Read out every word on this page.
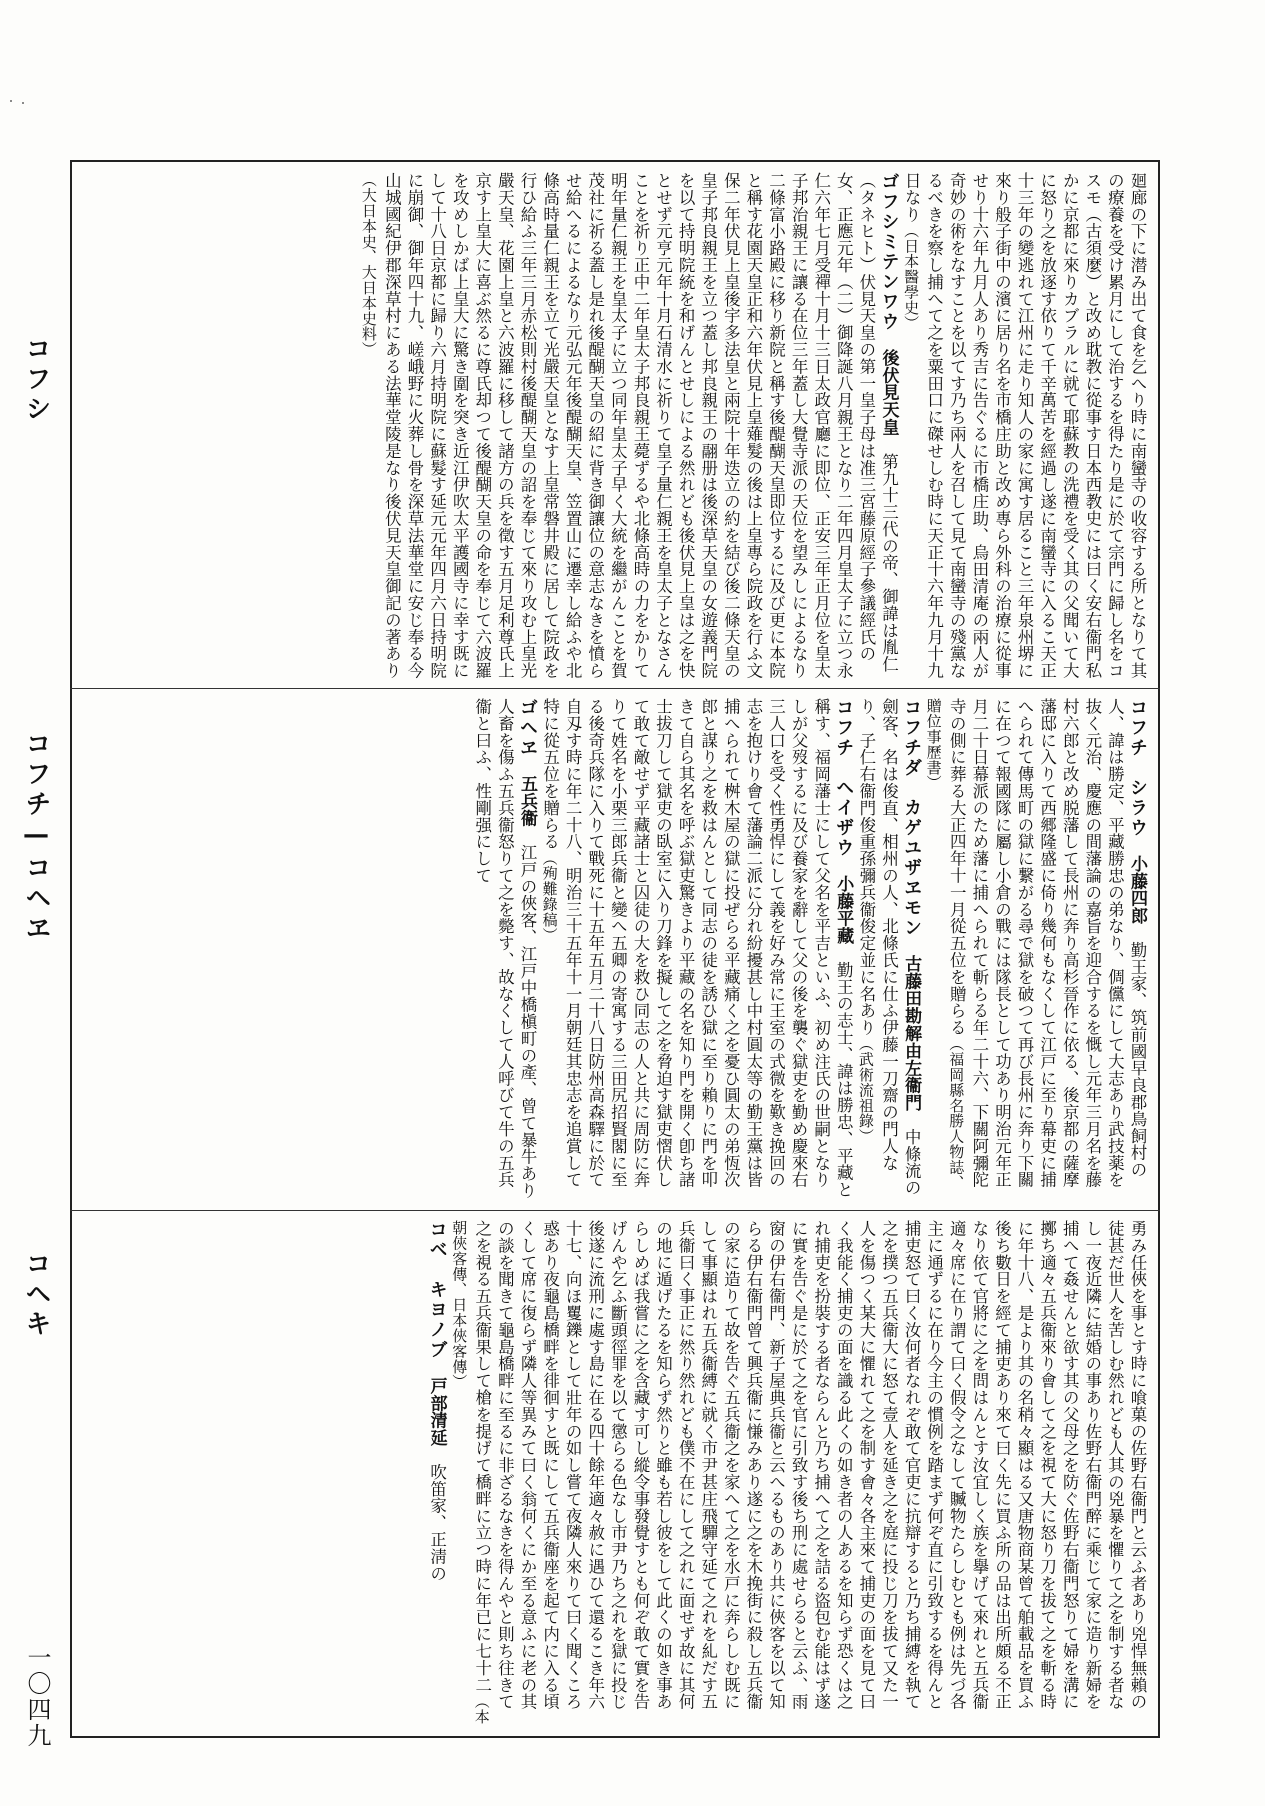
コフシ
コフチ—コヘヱ
コヘキ
一〇四九

廻廊の下に潜み出て食を乞へり時に南蠻寺の收容する所となりて其の療養を受け累月にして治するを得たり是に於て宗門に歸し名をコスモ（古須麼）と改め耽教に從事す日本西教史には曰く安右衞門私かに京都に來りカブラルに就て耶蘇教の洗禮を受く其の父聞いて大に怒り之を放逐す依りて千辛萬苦を經過し遂に南蠻寺に入るこ天正十三年の變逃れて江州に走り知人の家に寓す居ること三年泉州堺に來り般子街中の濱に居り名を市橋庄助と改め專ら外科の治療に從事せり十六年九月人あり秀吉に告ぐるに市橋庄助、烏田清庵の兩人が奇妙の術をなすことを以てす乃ち兩人を召して見て南蠻寺の殘黨なるべきを察し捕へて之を粟田口に磔せしむ時に天正十六年九月十九日なり（日本醫學史）

ゴフシミテンワウ　後伏見天皇　第九十三代の帝、御諱は胤仁（タネヒト）伏見天皇の第一皇子母は准三宮藤原經子參議經氏の女、正應元年（二）御降誕八月親王となり二年四月皇太子に立つ永仁六年七月受禪十月十三日太政官廳に即位、正安三年正月位を皇太子邦治親王に讓る在位三年蓋し大覺寺派の天位を望みしによるなり二條富小路殿に移り新院と稱す後醍醐天皇即位するに及び更に本院と稱す花園天皇正和六年伏見上皇薙髮の後は上皇專ら院政を行ふ文保二年伏見上皇後宇多法皇と兩院十年迭立の約を結び後二條天皇の皇子邦良親王を立つ蓋し邦良親王の翮册は後深草天皇の女遊義門院を以て持明院統を和げんとせしによる然れども後伏見上皇は之を快とせず元亨元年十月石清水に祈りて皇子量仁親王を皇太子となさんことを祈り正中二年皇太子邦良親王薨ずるや北條高時の力をかりて明年量仁親王を皇太子に立つ同年皇太子早く大統を繼がんことを賀茂社に祈る蓋し是れ後醍醐天皇の紹に背き御讓位の意志なきを憤らせ給へるによるなり元弘元年後醍醐天皇、笠置山に遷幸し給ふや北條高時量仁親王を立て光嚴天皇となす上皇常磐井殿に居して院政を行ひ給ふ三年三月赤松則村後醍醐天皇の詔を奉じて來り攻む上皇光嚴天皇、花園上皇と六波羅に移して諸方の兵を徵す五月足利尊氏上京す上皇大に喜ぶ然るに尊氏却つて後醍醐天皇の命を奉じて六波羅を攻めしかば上皇大に驚き圍を突き近江伊吹太平護國寺に幸す既にして十八日京都に歸り六月持明院に蘇髮す延元元年四月六日持明院に崩御、御年四十九、嵯峨野に火葬し骨を深草法華堂に安じ奉る今山城國紀伊郡深草村にある法華堂陵是なり後伏見天皇御記の著あり（大日本史、大日本史料）

コフチ　シラウ　小藤四郎　勤王家、筑前國早良郡鳥飼村の人、諱は勝定、平藏勝忠の弟なり、倜儻にして大志あり武技薬を抜く元治、慶應の間藩論の嘉旨を迎合するを慨し元年三月名を藤村六郎と改め脱藩して長州に奔り高杉晉作に依る、後京都の薩摩藩邸に入りて西郷隆盛に倚り幾何もなくして江戸に至り幕吏に捕へられて傳馬町の獄に繋がる尋で獄を破つて再び長州に奔り下關に在つて報國隊に屬し小倉の戰には隊長として功あり明治元年正月二十日幕派のため藩に捕へられて斬らる年二十六、下關阿彌陀寺の側に葬る大正四年十一月從五位を贈らる（福岡縣名勝人物誌、贈位事歷書）

コフチダ　カゲユザヱモン　古藤田勘解由左衞門　中條流の劍客、名は俊直、相州の人、北條氏に仕ふ伊藤一刀齋の門人なり、子仁右衞門俊重孫彌兵衞俊定並に名あり（武術流祖錄）

コフチ　ヘイザウ　小藤平藏　勤王の志士、諱は勝忠、平藏と稱す、福岡藩士にして父名を平吉といふ、初め注氏の世嗣となりしが父歿するに及び養家を辭して父の後を襲ぐ獄吏を勤め慶來右三人口を受く性勇悍にして義を好み常に王室の式微を歎き挽回の志を抱けり會て藩論二派に分れ紛擾甚し中村圓太等の勤王黨は皆捕へられて桝木屋の獄に投ぜらる平藏痛く之を憂ひ圓太の弟恆次郎と謀り之を救はんとして同志の徒を誘ひ獄に至り賴りに門を叩きて自ら其名を呼ぶ獄吏驚きより平藏の名を知り門を開く卽ち諸士拔刀して獄吏の臥室に入り刀鋒を擬して之を脅迫す獄吏慴伏して敢て敵せず平藏諸士と囚徒の大を救ひ同志の人と共に周防に奔りて姓名を小栗三郎兵衞と變へ五卿の寄寓する三田尻招賢閣に至る後奇兵隊に入りて戰死に十五年五月二十八日防州高森驛に於て自刄す時に年二十八、明治三十五年十一月朝廷其忠志を追賞して特に從五位を贈らる（殉難錄稿）

ゴヘヱ　五兵衞　江戸の俠客、江戸中橋槇町の產、曾て暴牛あり人畜を傷ふ五兵衞怒りて之を斃す、故なくして人呼びて牛の五兵衞と曰ふ、性剛强にして

勇み任俠を事とす時に喰菓の佐野右衞門と云ふ者あり兇悍無賴の徒甚だ世人を苦しむ然れども人其の兇暴を懼りて之を制する者なし一夜近隣に結婚の事あり佐野右衞門醉に乘じて家に造り新婦を捕へて姦せんと欲す其の父母之を防ぐ佐野右衞門怒りて婦を溝に擲ち適々五兵衞來り會して之を視て大に怒り刀を拔て之を斬る時に年十八、是より其の名稍々顯はる又唐物商某曾て舶載品を買ふ後ち數日を經て捕吏あり來て曰く先に買ふ所の品は出所頗る不正なり依て官將に之を問はんとす汝宜しく族を擧げて來れと五兵衞適々席に在り謂て曰く假令之なして贓物たらしむとも例は先づ各主に通ずるに在り今主の慣例を踏まず何ぞ直に引致するを得んと捕吏怒て曰く汝何者なれぞ敢て官吏に抗辯すると乃ち捕縛を執て之を撲つ五兵衞大に怒て壹人を延き之を庭に投じ刀を拔て又た一人を傷つく某大に懼れて之を制す會々各主來て捕吏の面を見て曰く我能く捕吏の面を識る此くの如き者の人あるを知らず恐くは之れ捕吏を扮裝する者ならんと乃ち捕へて之を詰る盜包む能はず遂に實を告ぐ是に於て之を官に引致す後ち刑に處せらると云ふ、雨窗の伊右衞門、新子屋典兵衞と云へるものあり共に俠客を以て知らる伊右衞門曾て興兵衞に慊みあり遂に之を木挽街に殺し五兵衞の家に造りて故を告ぐ五兵衞之を家へて之を水戸に奔らしむ既にして事顯はれ五兵衞縛に就く市尹甚庄飛驒守延て之れを糺だす五兵衞曰く事正に然り然れども僕不在にして之れに面せず故に其何の地に遁げたるを知らず然りと雖も若し彼をして此くの如き事あらしめば我嘗に之を含藏す可し縱令事發覺すとも何ぞ敢て實を告げんや乞ふ斷頭徑罪を以て懲らる色なし市尹乃ち之れを獄に投じ後遂に流刑に處す島に在る四十餘年適々赦に遇ひて還るこき年六十七、向ほ矍鑠として壯年の如し嘗て夜隣人來りて曰く聞くころ惑あり夜龜島橋畔を徘徊すと既にして五兵衞座を起て内に入る頃くして席に復らず隣人等異みて曰く翁何くにか至る意ふに老の其の談を聞きて龜島橋畔に至るに非ざるなきを得んやと則ち往きて之を視る五兵衞果して槍を提げて橋畔に立つ時に年已に七十二（本朝俠客傳、日本俠客傳）

コベ　キヨノブ　戸部清延　吹笛家、正淸の
